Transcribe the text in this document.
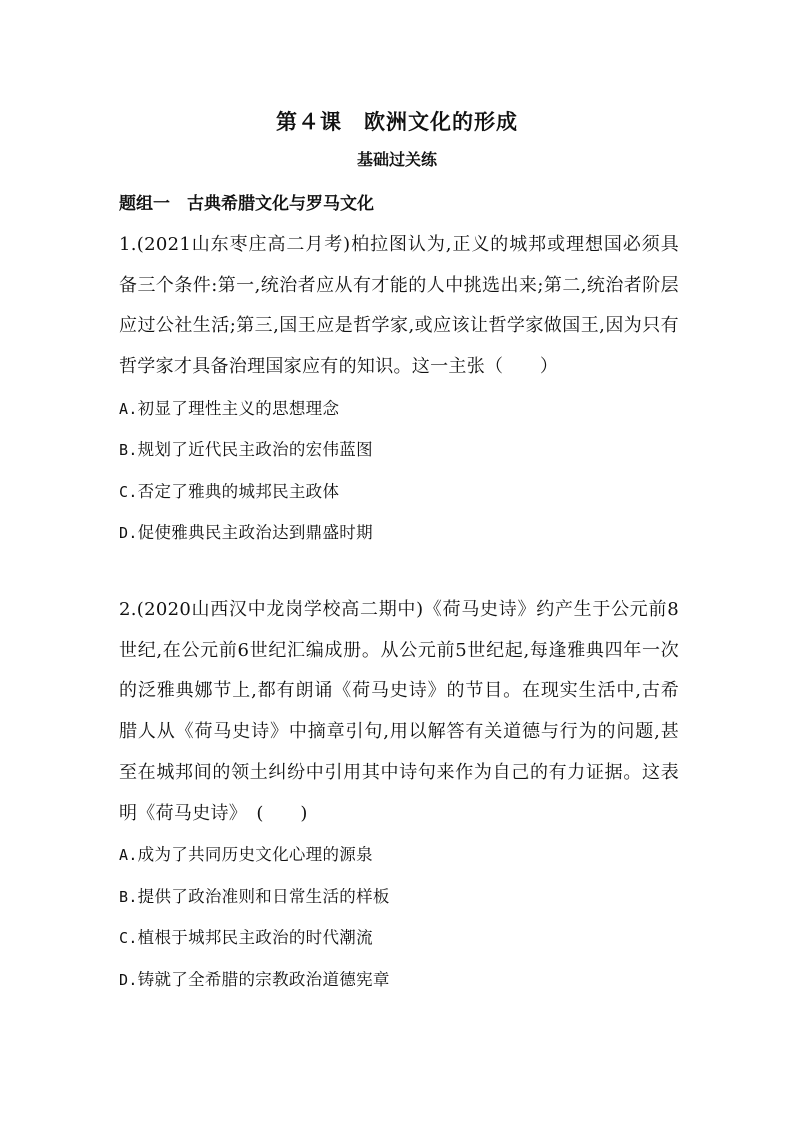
第４课　欧洲文化的形成
基础过关练
题组一　古典希腊文化与罗马文化

1.(2021山东枣庄高二月考)柏拉图认为,正义的城邦或理想国必须具备三个条件:第一,统治者应从有才能的人中挑选出来;第二,统治者阶层应过公社生活;第三,国王应是哲学家,或应该让哲学家做国王,因为只有哲学家才具备治理国家应有的知识。这一主张（　　）

A.初显了理性主义的思想理念
B.规划了近代民主政治的宏伟蓝图
C.否定了雅典的城邦民主政体
D.促使雅典民主政治达到鼎盛时期

2.(2020山西汉中龙岗学校高二期中)《荷马史诗》约产生于公元前8世纪,在公元前6世纪汇编成册。从公元前5世纪起,每逢雅典四年一次的泛雅典娜节上,都有朗诵《荷马史诗》的节目。在现实生活中,古希腊人从《荷马史诗》中摘章引句,用以解答有关道德与行为的问题,甚至在城邦间的领土纠纷中引用其中诗句来作为自己的有力证据。这表明《荷马史诗》　(　　)

A.成为了共同历史文化心理的源泉
B.提供了政治准则和日常生活的样板
C.植根于城邦民主政治的时代潮流
D.铸就了全希腊的宗教政治道德宪章
